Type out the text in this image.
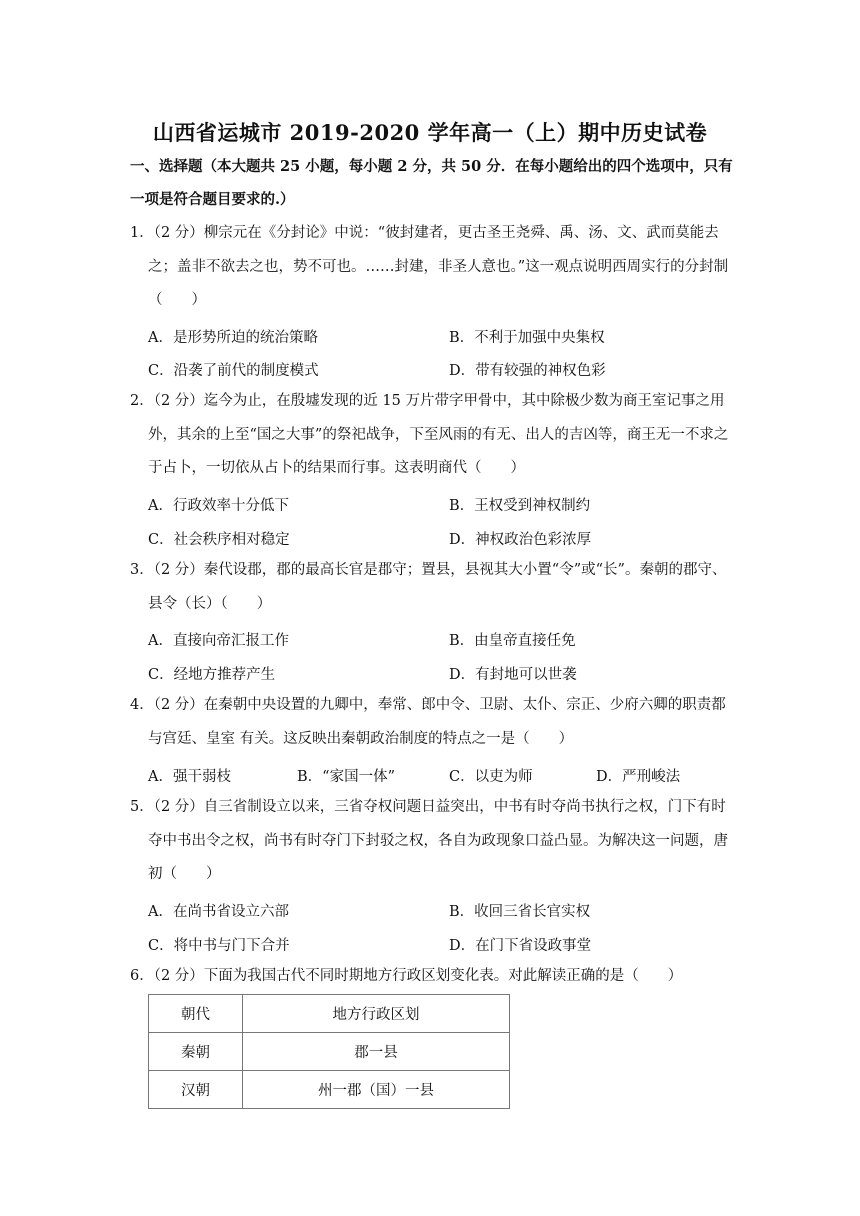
山西省运城市 2019-2020 学年高一（上）期中历史试卷
一、选择题（本大题共 25 小题，每小题 2 分，共 50 分．在每小题给出的四个选项中，只有一项是符合题目要求的.）
1．（2 分）柳宗元在《分封论》中说：“彼封建者，更古圣王尧舜、禹、汤、文、武而莫能去之；盖非不欲去之也，势不可也。……封建，非圣人意也。”这一观点说明西周实行的分封制（　　）
A．是形势所迫的统治策略	B．不利于加强中央集权
C．沿袭了前代的制度模式	D．带有较强的神权色彩
2．（2 分）迄今为止，在殷墟发现的近 15 万片带字甲骨中，其中除极少数为商王室记事之用外，其余的上至“国之大事”的祭祀战争，下至风雨的有无、出人的吉凶等，商王无一不求之于占卜，一切依从占卜的结果而行事。这表明商代（　　）
A．行政效率十分低下	B．王权受到神权制约
C．社会秩序相对稳定	D．神权政治色彩浓厚
3．（2 分）秦代设郡，郡的最高长官是郡守；置县，县视其大小置“令”或“长”。秦朝的郡守、县令（长）（　　）
A．直接向帝汇报工作	B．由皇帝直接任免
C．经地方推荐产生	D．有封地可以世袭
4．（2 分）在秦朝中央设置的九卿中，奉常、郎中令、卫尉、太仆、宗正、少府六卿的职责都与宫廷、皇室 有关。这反映出秦朝政治制度的特点之一是（　　）
A．强干弱枝	B．“家国一体”	C．以吏为师	D．严刑峻法
5．（2 分）自三省制设立以来，三省夺权问题日益突出，中书有时夺尚书执行之权，门下有时夺中书出令之权，尚书有时夺门下封驳之权，各自为政现象口益凸显。为解决这一问题，唐初（　　）
A．在尚书省设立六部	B．收回三省长官实权
C．将中书与门下合并	D．在门下省设政事堂
6．（2 分）下面为我国古代不同时期地方行政区划变化表。对此解读正确的是（　　）
朝代	地方行政区划
秦朝	郡一县
汉朝	州一郡（国）一县
